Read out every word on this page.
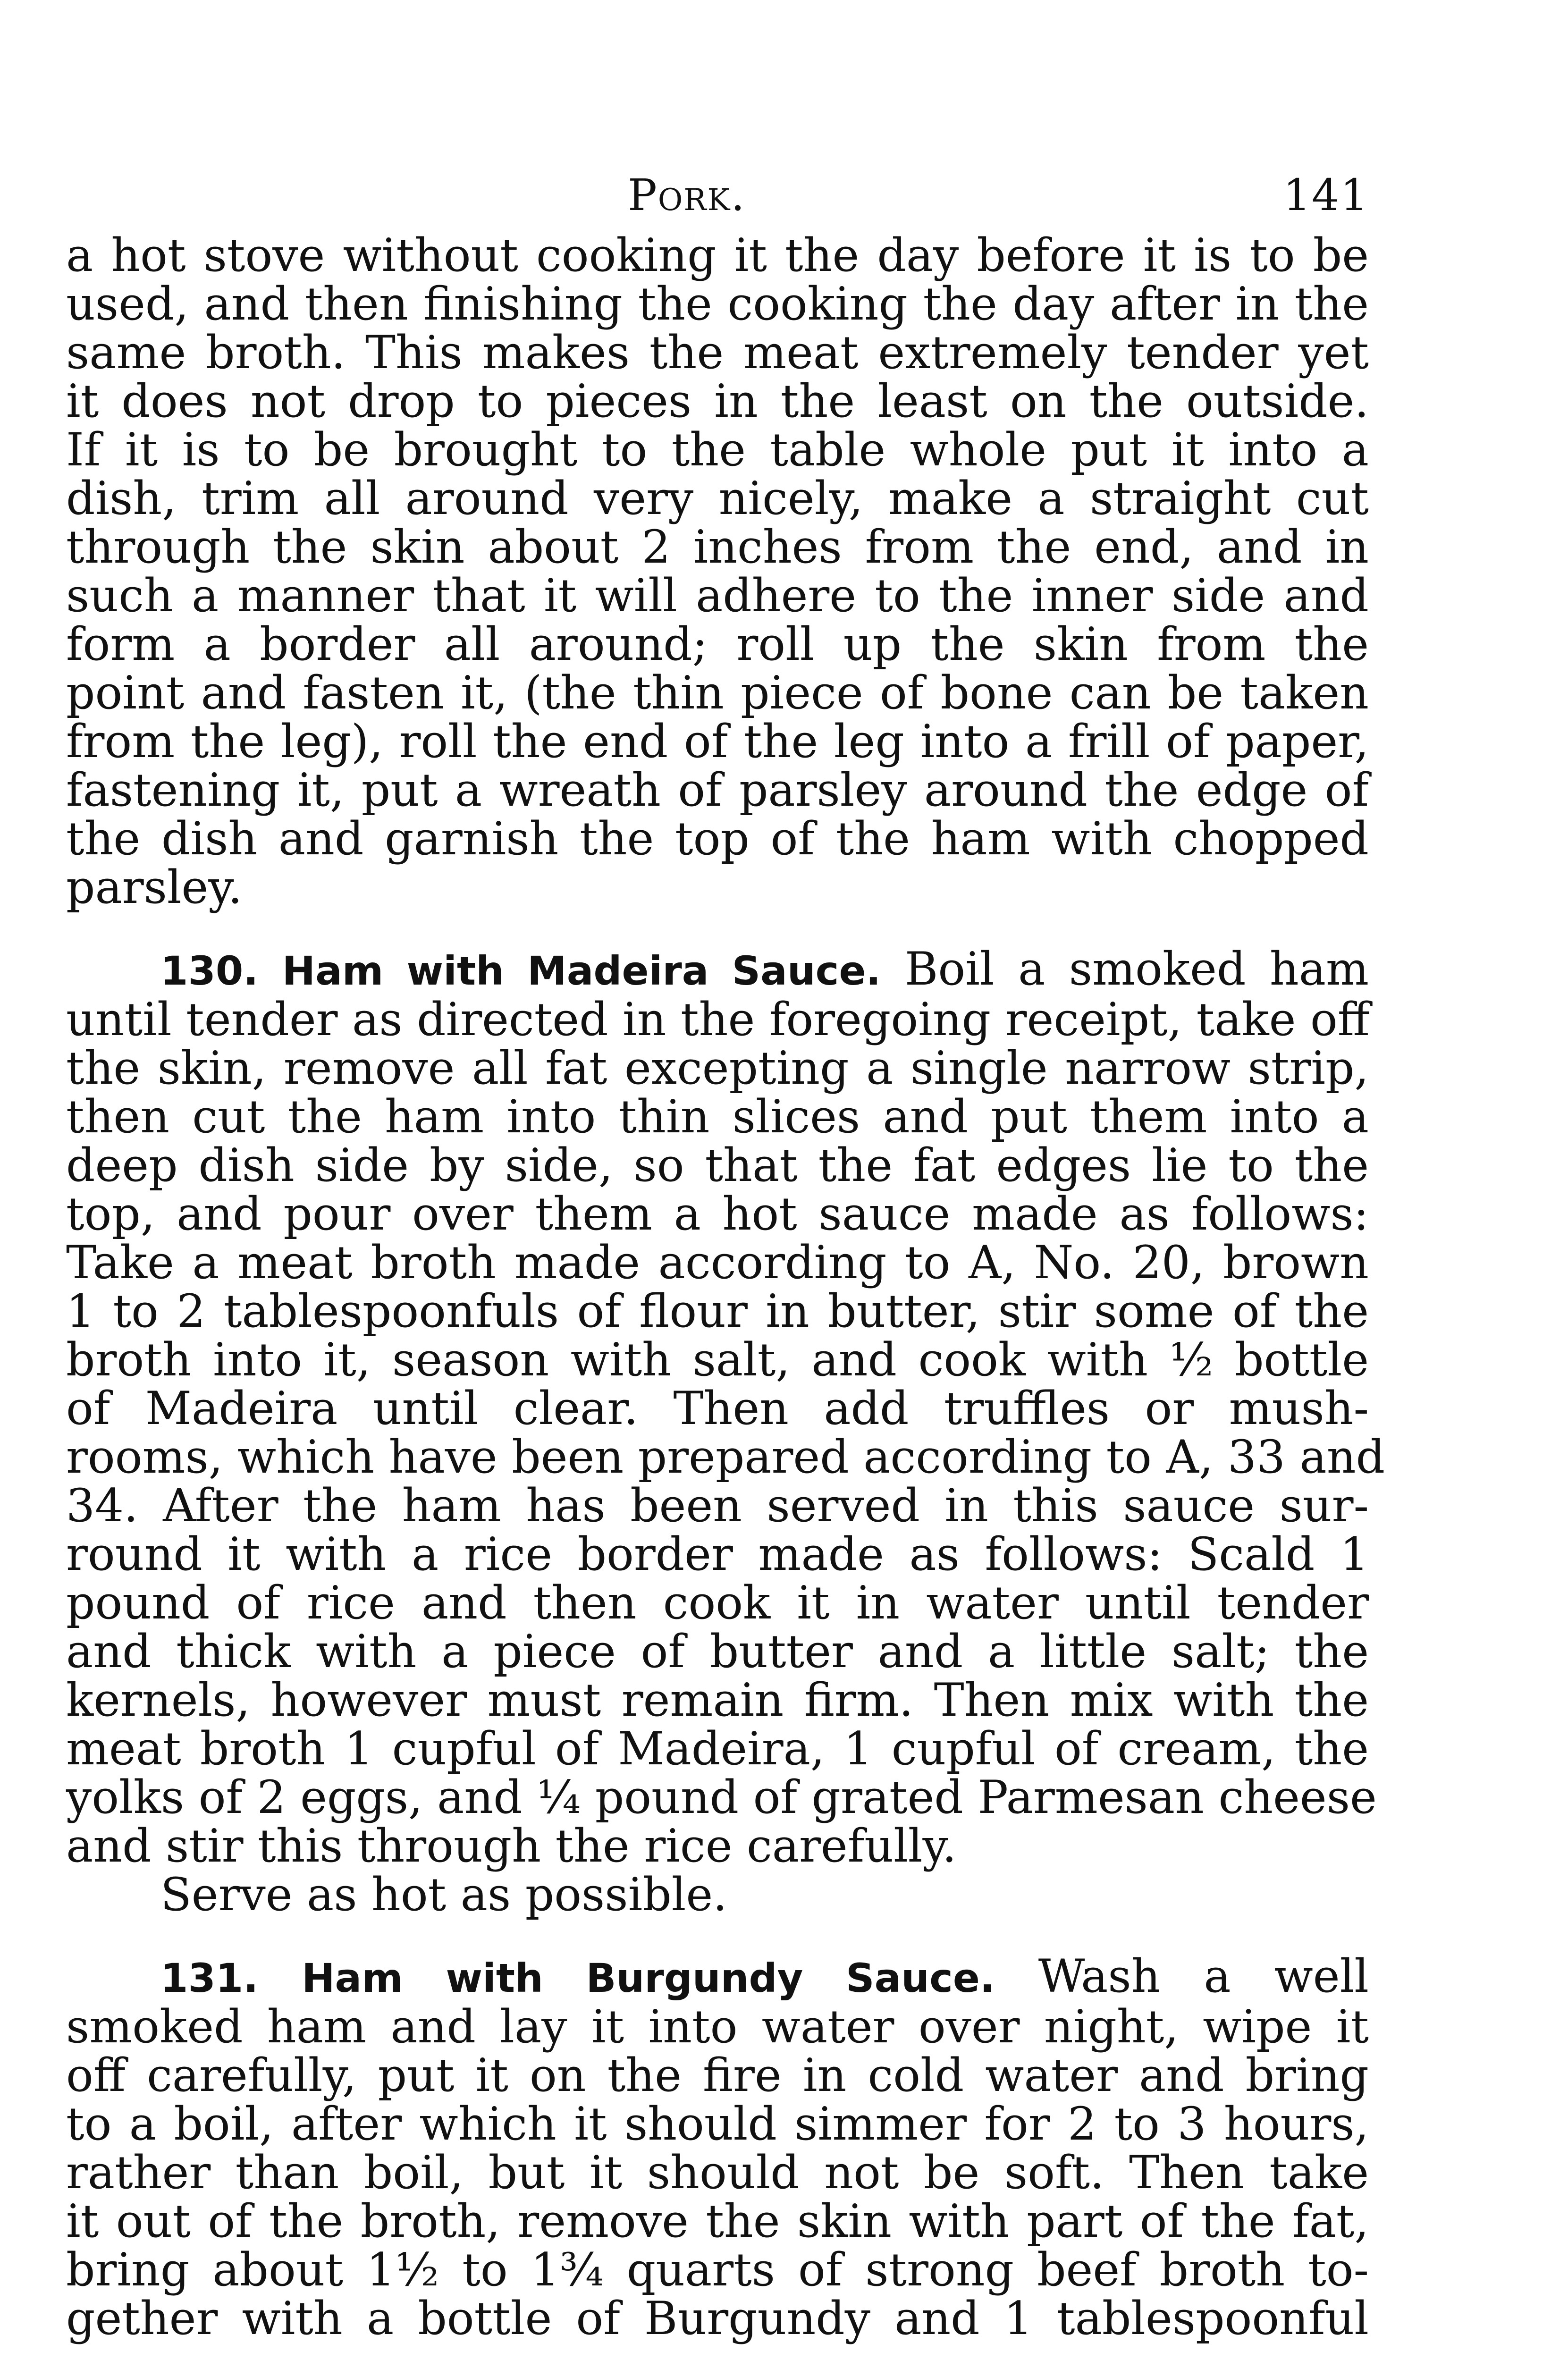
Pork.	141

a hot stove without cooking it the day before it is to be
used, and then finishing the cooking the day after in the
same broth. This makes the meat extremely tender yet
it does not drop to pieces in the least on the outside.
If it is to be brought to the table whole put it into a
dish, trim all around very nicely, make a straight cut
through the skin about 2 inches from the end, and in
such a manner that it will adhere to the inner side and
form a border all around; roll up the skin from the
point and fasten it, (the thin piece of bone can be taken
from the leg), roll the end of the leg into a frill of paper,
fastening it, put a wreath of parsley around the edge of
the dish and garnish the top of the ham with chopped
parsley.

130. Ham with Madeira Sauce. Boil a smoked ham
until tender as directed in the foregoing receipt, take off
the skin, remove all fat excepting a single narrow strip,
then cut the ham into thin slices and put them into a
deep dish side by side, so that the fat edges lie to the
top, and pour over them a hot sauce made as follows:
Take a meat broth made according to A, No. 20, brown
1 to 2 tablespoonfuls of flour in butter, stir some of the
broth into it, season with salt, and cook with ½ bottle
of Madeira until clear. Then add truffles or mush-
rooms, which have been prepared according to A, 33 and
34. After the ham has been served in this sauce sur-
round it with a rice border made as follows: Scald 1
pound of rice and then cook it in water until tender
and thick with a piece of butter and a little salt; the
kernels, however must remain firm. Then mix with the
meat broth 1 cupful of Madeira, 1 cupful of cream, the
yolks of 2 eggs, and ¼ pound of grated Parmesan cheese
and stir this through the rice carefully.
Serve as hot as possible.

131. Ham with Burgundy Sauce. Wash a well
smoked ham and lay it into water over night, wipe it
off carefully, put it on the fire in cold water and bring
to a boil, after which it should simmer for 2 to 3 hours,
rather than boil, but it should not be soft. Then take
it out of the broth, remove the skin with part of the fat,
bring about 1½ to 1¾ quarts of strong beef broth to-
gether with a bottle of Burgundy and 1 tablespoonful
